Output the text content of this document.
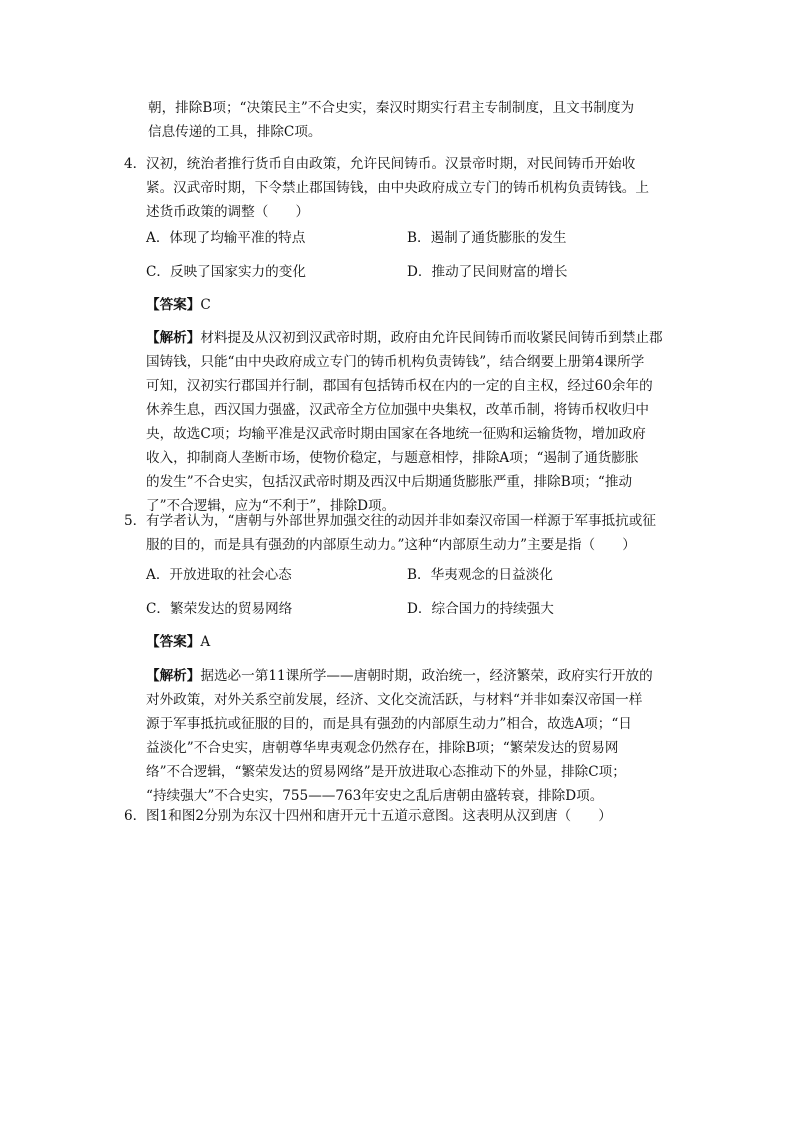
朝，排除B项；“决策民主”不合史实，秦汉时期实行君主专制制度，且文书制度为
信息传递的工具，排除C项。
4． 汉初，统治者推行货币自由政策，允许民间铸币。汉景帝时期，对民间铸币开始收
紧。汉武帝时期，下令禁止郡国铸钱，由中央政府成立专门的铸币机构负责铸钱。上
述货币政策的调整（　　）
A．体现了均输平准的特点	B．遏制了通货膨胀的发生
C．反映了国家实力的变化	D．推动了民间财富的增长
【答案】C
【解析】材料提及从汉初到汉武帝时期，政府由允许民间铸币而收紧民间铸币到禁止郡
国铸钱，只能“由中央政府成立专门的铸币机构负责铸钱”，结合纲要上册第4课所学
可知，汉初实行郡国并行制，郡国有包括铸币权在内的一定的自主权，经过60余年的
休养生息，西汉国力强盛，汉武帝全方位加强中央集权，改革币制，将铸币权收归中
央，故选C项；均输平准是汉武帝时期由国家在各地统一征购和运输货物，增加政府
收入，抑制商人垄断市场，使物价稳定，与题意相悖，排除A项；“遏制了通货膨胀
的发生”不合史实，包括汉武帝时期及西汉中后期通货膨胀严重，排除B项；“推动
了”不合逻辑，应为“不利于”，排除D项。
5． 有学者认为，“唐朝与外部世界加强交往的动因并非如秦汉帝国一样源于军事抵抗或征
服的目的，而是具有强劲的内部原生动力。”这种“内部原生动力”主要是指（　　）
A．开放进取的社会心态	B．华夷观念的日益淡化
C．繁荣发达的贸易网络	D．综合国力的持续强大
【答案】A
【解析】据选必一第11课所学——唐朝时期，政治统一，经济繁荣，政府实行开放的
对外政策，对外关系空前发展，经济、文化交流活跃，与材料“并非如秦汉帝国一样
源于军事抵抗或征服的目的，而是具有强劲的内部原生动力”相合，故选A项；“日
益淡化”不合史实，唐朝尊华卑夷观念仍然存在，排除B项；“繁荣发达的贸易网
络”不合逻辑，“繁荣发达的贸易网络”是开放进取心态推动下的外显，排除C项；
“持续强大”不合史实，755——763年安史之乱后唐朝由盛转衰，排除D项。
6． 图1和图2分别为东汉十四州和唐开元十五道示意图。这表明从汉到唐（　　）
